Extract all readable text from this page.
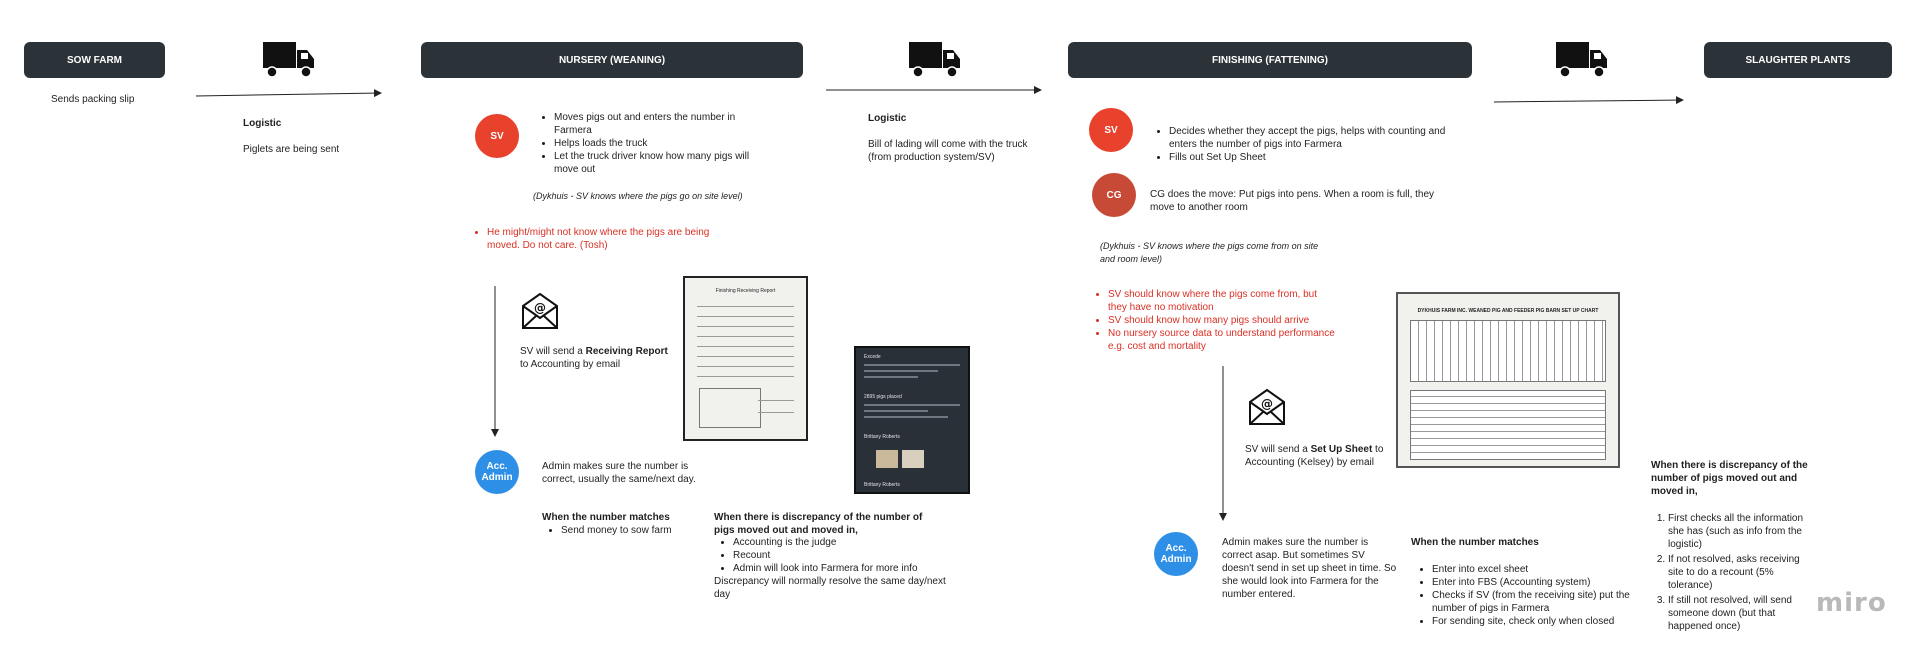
SOW FARM	NURSERY (WEANING)	FINISHING (FATTENING)	SLAUGHTER PLANTS
@
@
Sends packing slip
Logistic
Piglets are being sent
Logistic
Bill of lading will come with the truck (from production system/SV)
SV
• Moves pigs out and enters the number in Farmera
• Helps loads the truck
• Let the truck driver know how many pigs will move out
(Dykhuis - SV knows where the pigs go on site level)
• He might/might not know where the pigs are being moved. Do not care. (Tosh)
SV will send a Receiving Report to Accounting by email
Finishing Receiving Report
Excede
2895 pigs placed
Brittany Roberts
Brittany Roberts
Acc. Admin
Admin makes sure the number is correct, usually the same/next day.
When the number matches
• Send money to sow farm
When there is discrepancy of the number of pigs moved out and moved in,
• Accounting is the judge
• Recount
• Admin will look into Farmera for more info
Discrepancy will normally resolve the same day/next day
SV
•	Decides whether they accept the pigs, helps with counting and enters the number of pigs into Farmera
• Fills out Set Up Sheet
CG	CG does the move: Put pigs into pens. When a room is full, they move to another room
(Dykhuis - SV knows where the pigs come from on site and room level)
• SV should know where the pigs come from, but they have no motivation
• SV should know how many pigs should arrive
• No nursery source data to understand performance e.g. cost and mortality
DYKHUIS FARM INC. WEANED PIG AND FEEDER PIG BARN SET UP CHART
SV will send a Set Up Sheet to Accounting (Kelsey) by email
Acc. Admin
Admin makes sure the number is correct asap. But sometimes SV doesn't send in set up sheet in time. So she would look into Farmera for the number entered.
When the number matches
• Enter into excel sheet
• Enter into FBS (Accounting system)
• Checks if SV (from the receiving site) put the number of pigs in Farmera
• For sending site, check only when closed
When there is discrepancy of the number of pigs moved out and moved in,
1. First checks all the information she has (such as info from the logistic)
2. If not resolved, asks receiving site to do a recount (5% tolerance)
3. If still not resolved, will send someone down (but that happened once)
miro
